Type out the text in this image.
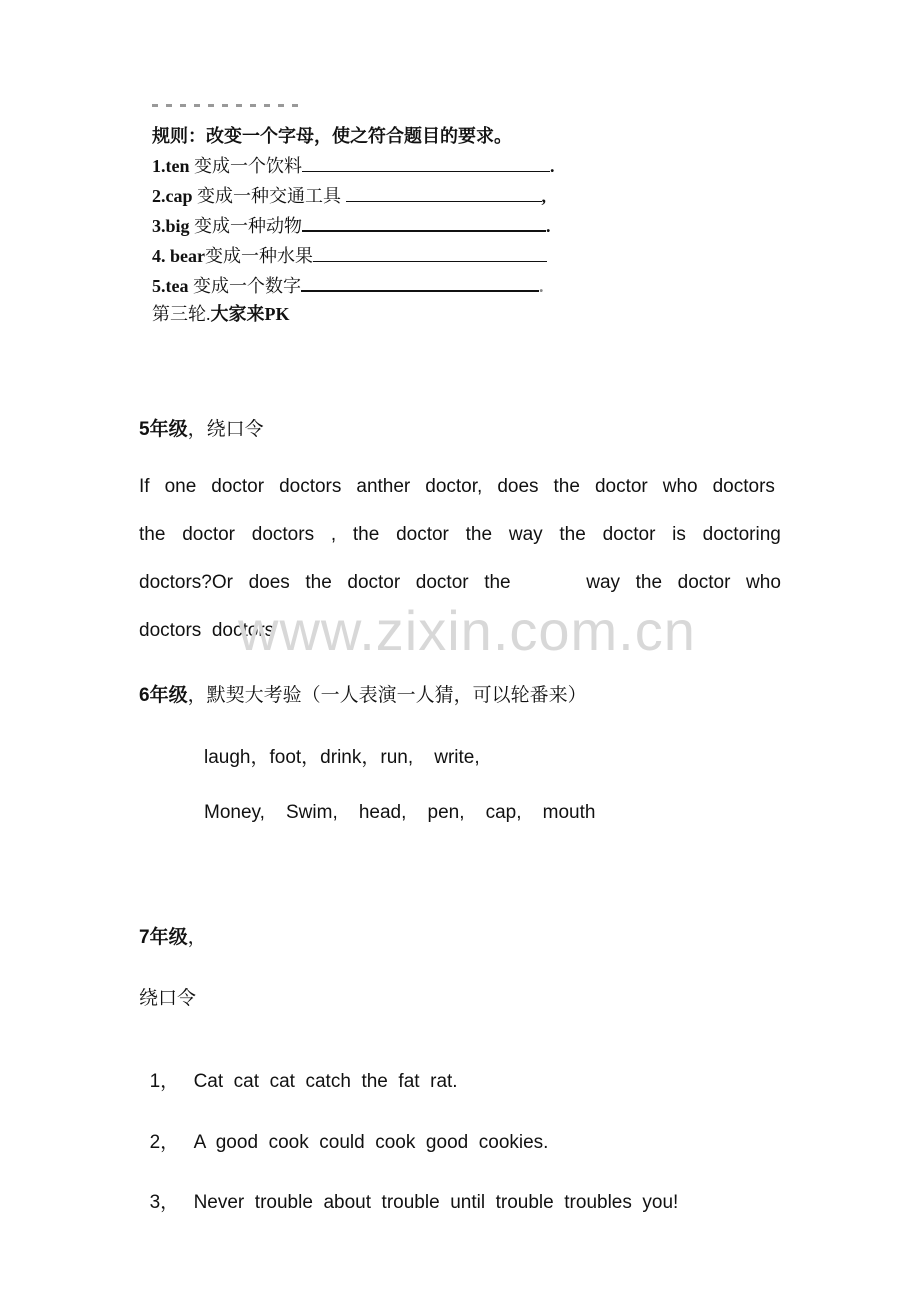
规则：改变一个字母，使之符合题目的要求。
1.ten 变成一个饮料	.
2.cap 变成一种交通工具	,
3.big 变成一种动物	.
4. bear变成一种水果
5.tea 变成一个数字	.
第三轮.大家来PK
5年级，绕口令
If one doctor doctors anther doctor, does the doctor who doctors
the doctor doctors , the doctor the way the doctor is doctoring
doctors?Or does the doctor doctor the	way the doctor who
doctors  doctors
www.zixin.com.cn
6年级，默契大考验（一人表演一人猜，可以轮番来）
laugh，foot，drink，run,    write,
Money,    Swim,    head,    pen,    cap,    mouth
7年级，
绕口令

1， Cat  cat  cat  catch  the  fat  rat.

2， A  good  cook  could  cook  good  cookies.

3， Never  trouble  about  trouble  until  trouble  troubles  you!
